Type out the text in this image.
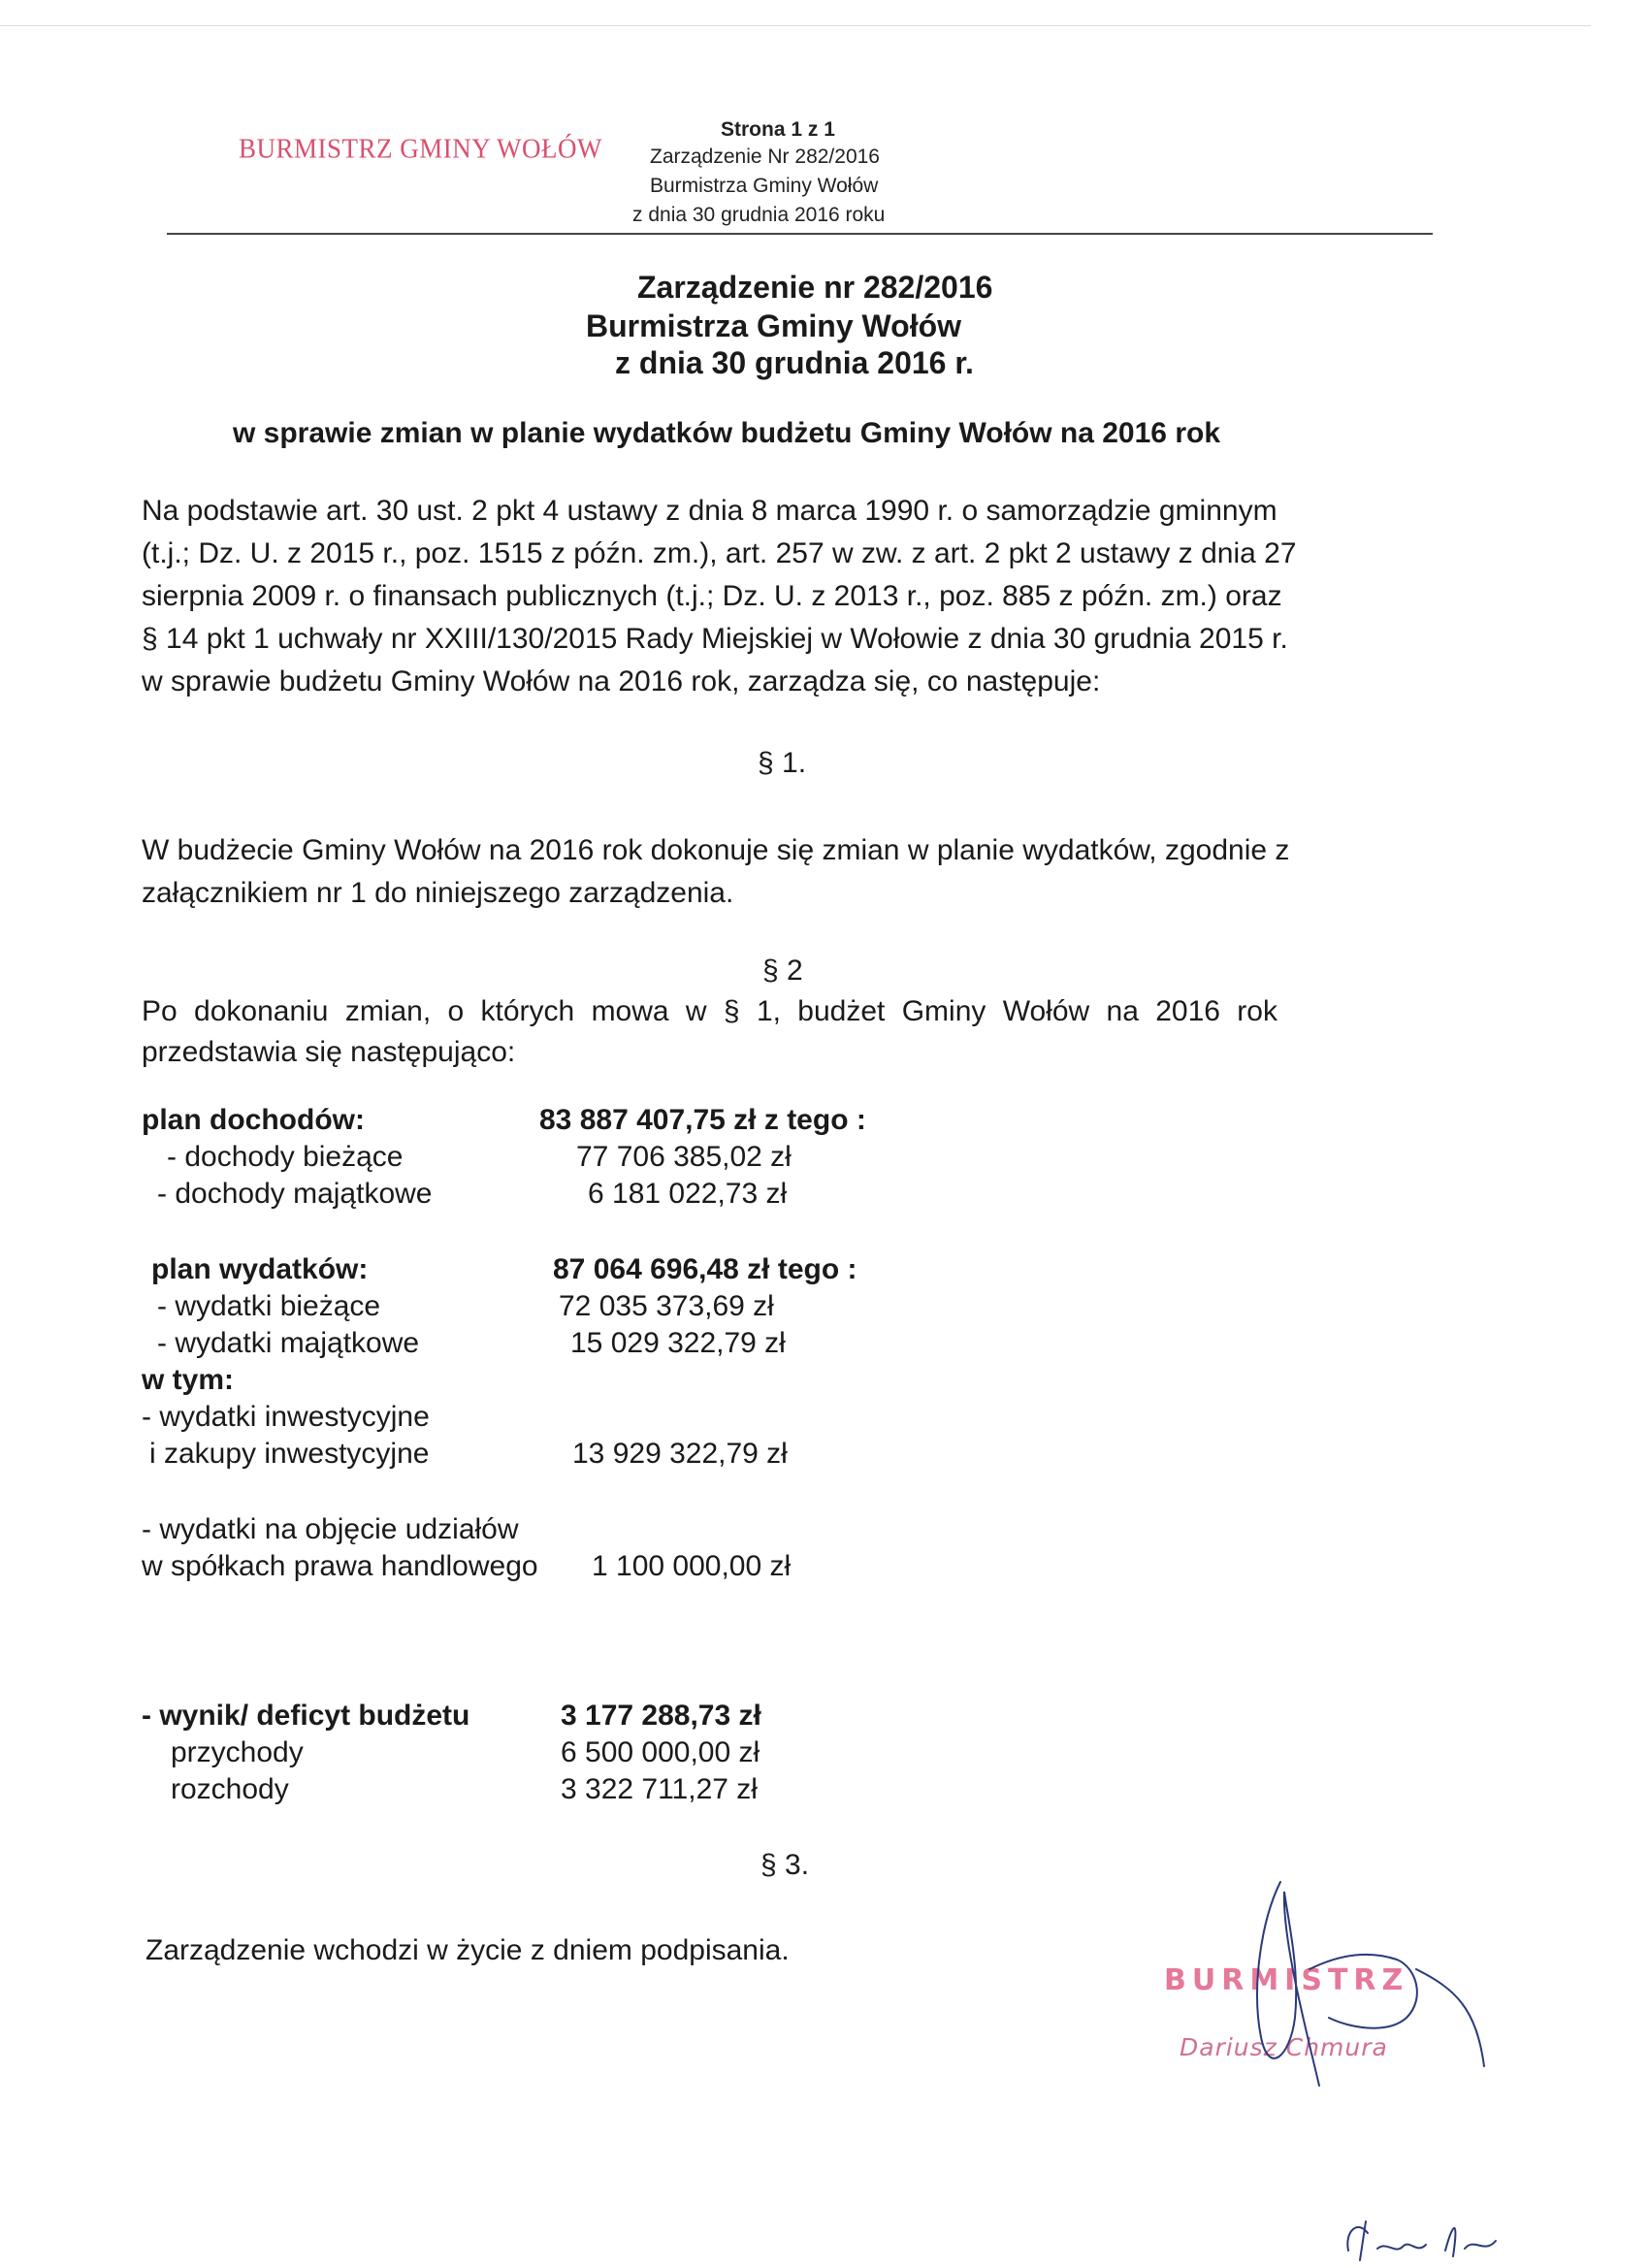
BURMISTRZ GMINY WOŁÓW
Strona 1 z 1
Zarządzenie Nr 282/2016
Burmistrza Gminy Wołów
z dnia 30 grudnia 2016 roku
Zarządzenie nr 282/2016
Burmistrza Gminy Wołów
z dnia 30 grudnia 2016 r.
w sprawie zmian w planie wydatków budżetu Gminy Wołów na 2016 rok
Na podstawie art. 30 ust. 2 pkt 4 ustawy z dnia 8 marca 1990 r. o samorządzie gminnym
(t.j.; Dz. U. z 2015 r., poz. 1515 z późn. zm.), art. 257 w zw. z art. 2 pkt 2 ustawy z dnia 27
sierpnia 2009 r. o finansach publicznych (t.j.; Dz. U. z 2013 r., poz. 885 z późn. zm.) oraz
§ 14 pkt 1 uchwały nr XXIII/130/2015 Rady Miejskiej w Wołowie z dnia 30 grudnia 2015 r.
w sprawie budżetu Gminy Wołów na 2016 rok, zarządza się, co następuje:
§ 1.
W budżecie Gminy Wołów na 2016 rok dokonuje się zmian w planie wydatków, zgodnie z
załącznikiem nr 1 do niniejszego zarządzenia.
§ 2
Po dokonaniu zmian, o których mowa w § 1, budżet Gminy Wołów na 2016 rok
przedstawia się następująco:
plan dochodów:	83 887 407,75 zł z tego :
- dochody bieżące	77 706 385,02 zł
- dochody majątkowe	6 181 022,73 zł
plan wydatków:	87 064 696,48 zł tego :
- wydatki bieżące	72 035 373,69 zł
- wydatki majątkowe	15 029 322,79 zł
w tym:
- wydatki inwestycyjne
i zakupy inwestycyjne	13 929 322,79 zł
- wydatki na objęcie udziałów
w spółkach prawa handlowego 1 100 000,00 zł
- wynik/ deficyt budżetu	3 177 288,73 zł
przychody	6 500 000,00 zł
rozchody	3 322 711,27 zł
§ 3.
Zarządzenie wchodzi w życie z dniem podpisania.
BURMISTRZ
Dariusz Chmura
